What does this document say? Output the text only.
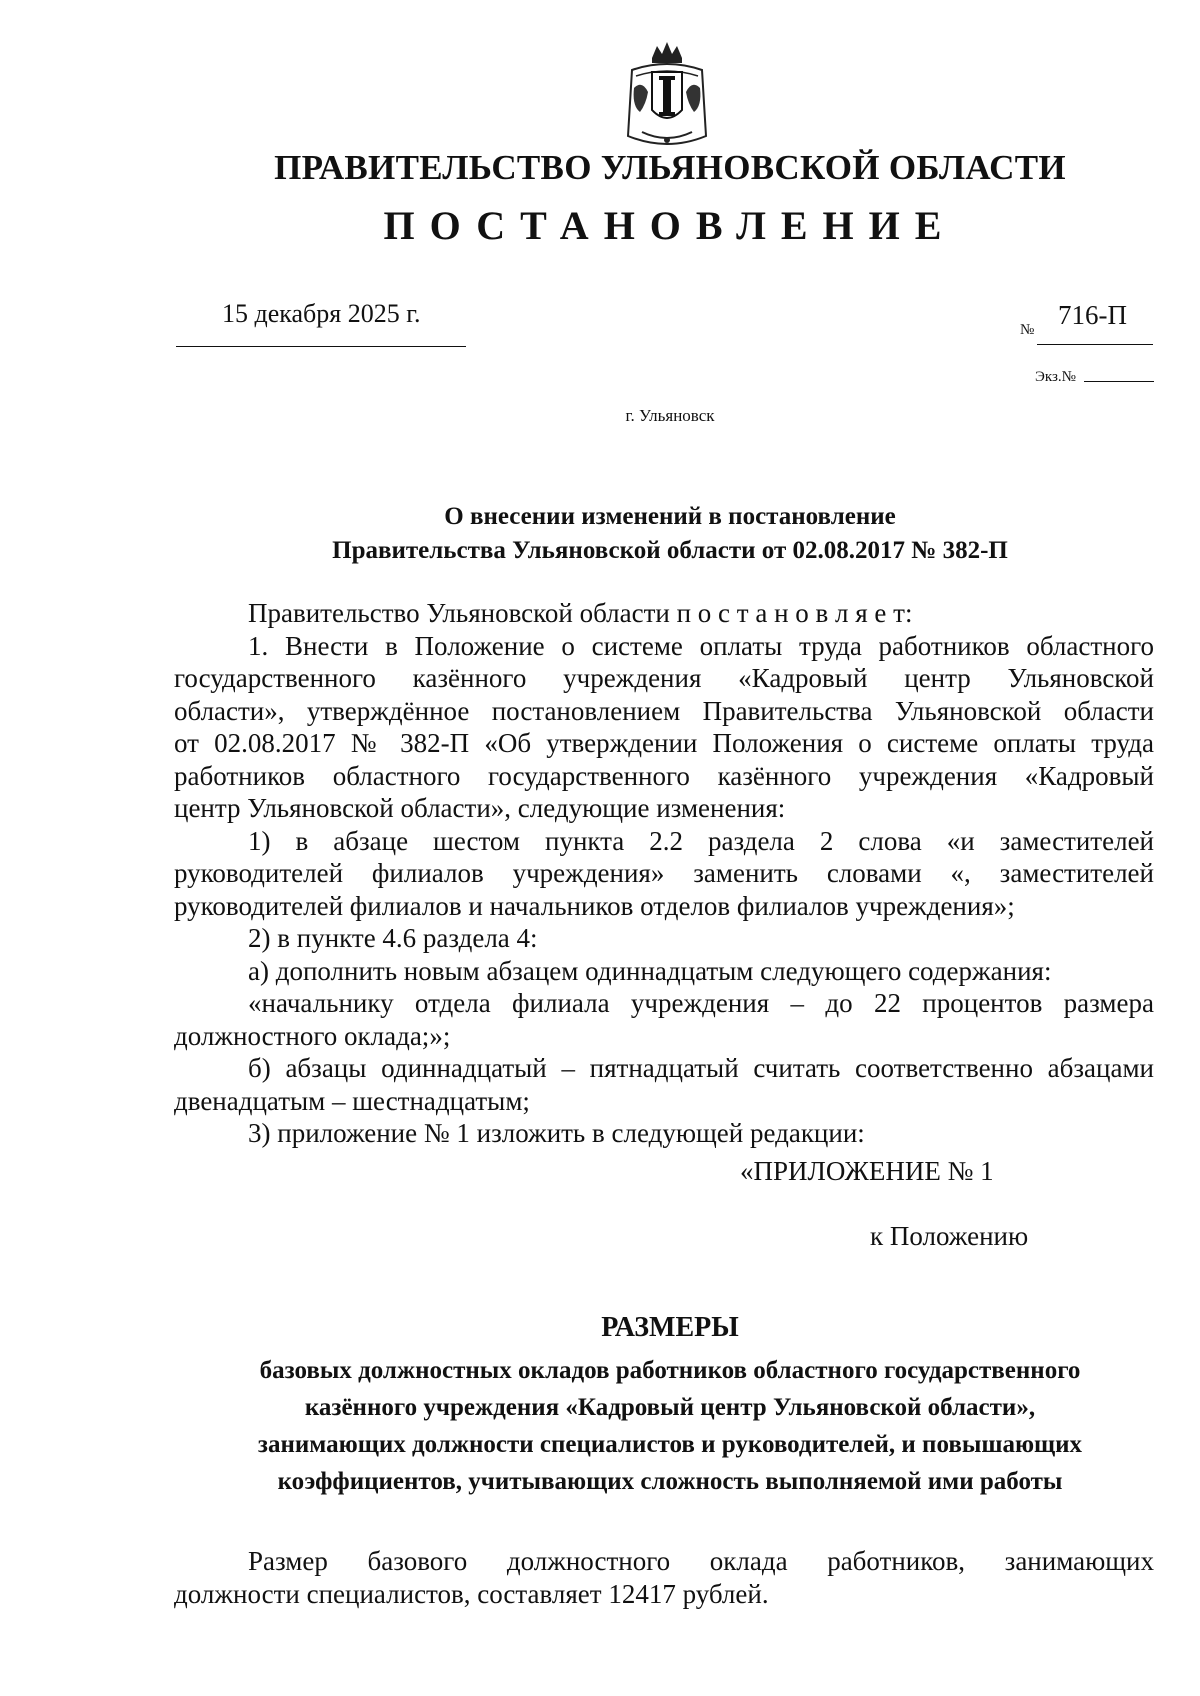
ПРАВИТЕЛЬСТВО УЛЬЯНОВСКОЙ ОБЛАСТИ
ПОСТАНОВЛЕНИЕ
15 декабря 2025 г.
№ 716-П
Экз.№
г. Ульяновск
О внесении изменений в постановление
Правительства Ульяновской области от 02.08.2017 № 382-П

Правительство Ульяновской области п о с т а н о в л я е т:

1. Внести в Положение о системе оплаты труда работников областного

государственного казённого учреждения «Кадровый центр Ульяновской

области», утверждённое постановлением Правительства Ульяновской области

от 02.08.2017 № 382-П «Об утверждении Положения о системе оплаты труда

работников областного государственного казённого учреждения «Кадровый

центр Ульяновской области», следующие изменения:

1) в абзаце шестом пункта 2.2 раздела 2 слова «и заместителей

руководителей филиалов учреждения» заменить словами «, заместителей

руководителей филиалов и начальников отделов филиалов учреждения»;

2) в пункте 4.6 раздела 4:

а) дополнить новым абзацем одиннадцатым следующего содержания:

«начальнику отдела филиала учреждения – до 22 процентов размера

должностного оклада;»;

б) абзацы одиннадцатый – пятнадцатый считать соответственно абзацами

двенадцатым – шестнадцатым;

3) приложение № 1 изложить в следующей редакции:

«ПРИЛОЖЕНИЕ № 1
к Положению
РАЗМЕРЫ
базовых должностных окладов работников областного государственного
казённого учреждения «Кадровый центр Ульяновской области»,
занимающих должности специалистов и руководителей, и повышающих
коэффициентов, учитывающих сложность выполняемой ими работы

Размер базового должностного оклада работников, занимающих

должности специалистов, составляет 12417 рублей.
